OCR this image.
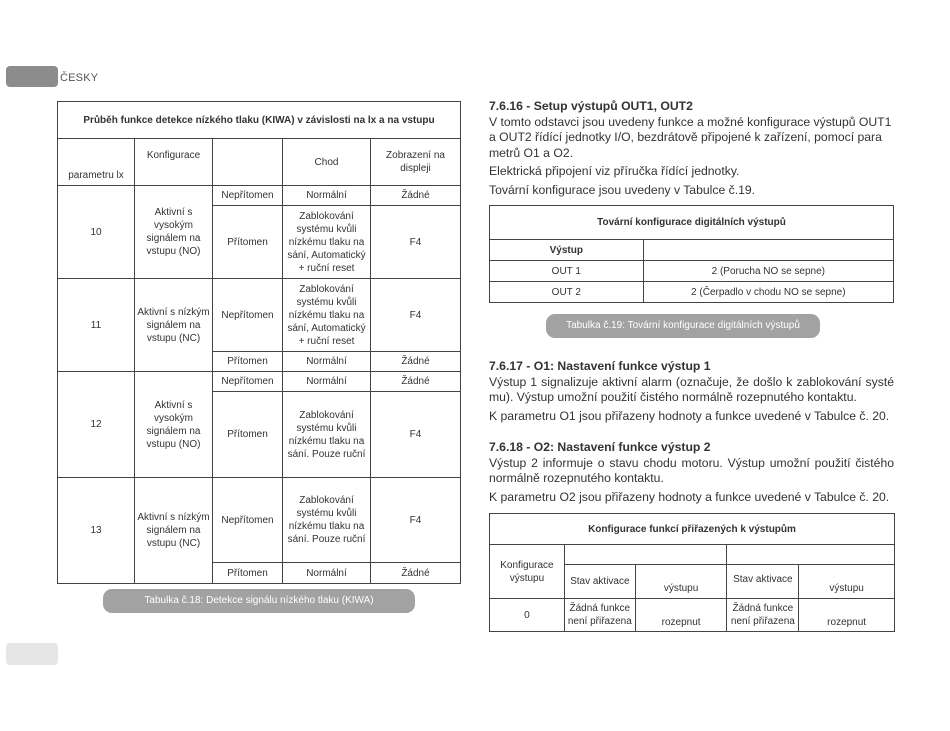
ČESKY
Průběh funkce detekce nízkého tlaku (KIWA) v závislosti na lx a na vstupu				
parametru lx	Konfigurace		Chod	Zobrazení na displeji
10	Aktivní s vysokým signálem na vstupu (NO)	Nepřítomen	Normální	Žádné
		Přítomen	Zablokování systému kvůli nízkému tlaku na sání, Automatický + ruční reset	F4
11	Aktivní s nízkým signálem na vstupu (NC)	Nepřítomen	Zablokování systému kvůli nízkému tlaku na sání, Automatický + ruční reset	F4
		Přítomen	Normální	Žádné
12	Aktivní s vysokým signálem na vstupu (NO)	Nepřítomen	Normální	Žádné
		Přítomen	Zablokování systému kvůli nízkému tlaku na sání. Pouze ruční	F4
13	Aktivní s nízkým signálem na vstupu (NC)	Nepřítomen	Zablokování systému kvůli nízkému tlaku na sání. Pouze ruční	F4
		Přítomen	Normální	Žádné
Tabulka č.18: Detekce signálu nízkého tlaku (KIWA)

7.6.16 - Setup výstupů OUT1, OUT2

V tomto odstavci jsou uvedeny funkce a možné konfigurace výstupů OUT1 a OUT2 řídící jednotky I/O, bezdrátově připojené k zařízení, pomocí para metrů O1 a O2.

Elektrická připojení viz příručka řídící jednotky.

Tovární konfigurace jsou uvedeny v Tabulce č.19.

Tovární konfigurace digitálních výstupů	
Výstup	
OUT 1	2 (Porucha NO se sepne)
OUT 2	2 (Čerpadlo v chodu NO se sepne)
Tabulka č.19: Tovární konfigurace digitálních výstupů

7.6.17 - O1: Nastavení funkce výstup 1

Výstup 1 signalizuje aktivní alarm (označuje, že došlo k zablokování systé mu). Výstup umožní použití čistého normálně rozepnutého kontaktu.

K parametru O1 jsou přiřazeny hodnoty a funkce uvedené v Tabulce č. 20.

7.6.18 - O2: Nastavení funkce výstup 2

Výstup 2 informuje o stavu chodu motoru. Výstup umožní použití čistého normálně rozepnutého kontaktu.

K parametru O2 jsou přiřazeny hodnoty a funkce uvedené v Tabulce č. 20.

Konfigurace funkcí přiřazených k výstupům				
Konfigurace výstupu				
	Stav aktivace	výstupu	Stav aktivace	výstupu
0	Žádná funkce není přiřazena	rozepnut	Žádná funkce není přiřazena	rozepnut
